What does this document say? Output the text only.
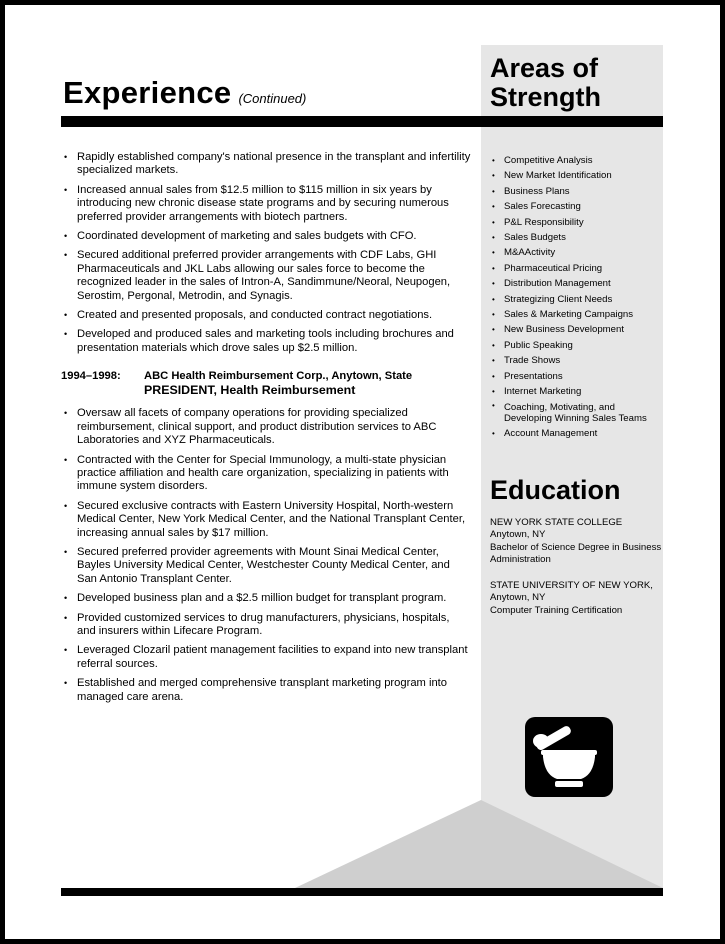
Experience (Continued)
Areas of
Strength
• Rapidly established company's national presence in the transplant and infertility specialized markets.
• Increased annual sales from $12.5 million to $115 million in six years by introducing new chronic disease state programs and by securing numerous preferred provider arrangements with biotech partners.
• Coordinated development of marketing and sales budgets with CFO.
• Secured additional preferred provider arrangements with CDF Labs, GHI Pharmaceuticals and JKL Labs allowing our sales force to become the recognized leader in the sales of Intron-A, Sandimmune/Neoral, Neupogen, Serostim, Pergonal, Metrodin, and Synagis.
• Created and presented proposals, and conducted contract negotiations.
• Developed and produced sales and marketing tools including brochures and presentation materials which drove sales up $2.5 million.
1994–1998:	ABC Health Reimbursement Corp., Anytown, State
PRESIDENT, Health Reimbursement
• Oversaw all facets of company operations for providing specialized reimbursement, clinical support, and product distribution services to ABC Laboratories and XYZ Pharmaceuticals.
• Contracted with the Center for Special Immunology, a multi-state physician practice affiliation and health care organization, specializing in patients with immune system disorders.
• Secured exclusive contracts with Eastern University Hospital, North-western Medical Center, New York Medical Center, and the National Transplant Center, increasing annual sales by $17 million.
• Secured preferred provider agreements with Mount Sinai Medical Center, Bayles University Medical Center, Westchester County Medical Center, and San Antonio Transplant Center.
• Developed business plan and a $2.5 million budget for transplant program.
• Provided customized services to drug manufacturers, physicians, hospitals, and insurers within Lifecare Program.
• Leveraged Clozaril patient management facilities to expand into new transplant referral sources.
• Established and merged comprehensive transplant marketing program into managed care arena.
• Competitive Analysis
• New Market Identification
• Business Plans
• Sales Forecasting
• P&L Responsibility
• Sales Budgets
• M&AActivity
• Pharmaceutical Pricing
• Distribution Management
• Strategizing Client Needs
• Sales & Marketing Campaigns
• New Business Development
• Public Speaking
• Trade Shows
• Presentations
• Internet Marketing
• Coaching, Motivating, and Developing Winning Sales Teams
• Account Management
Education
NEW YORK STATE COLLEGE
Anytown, NY
Bachelor of Science Degree in Business Administration
STATE UNIVERSITY OF NEW YORK, Anytown, NY
Computer Training Certification
